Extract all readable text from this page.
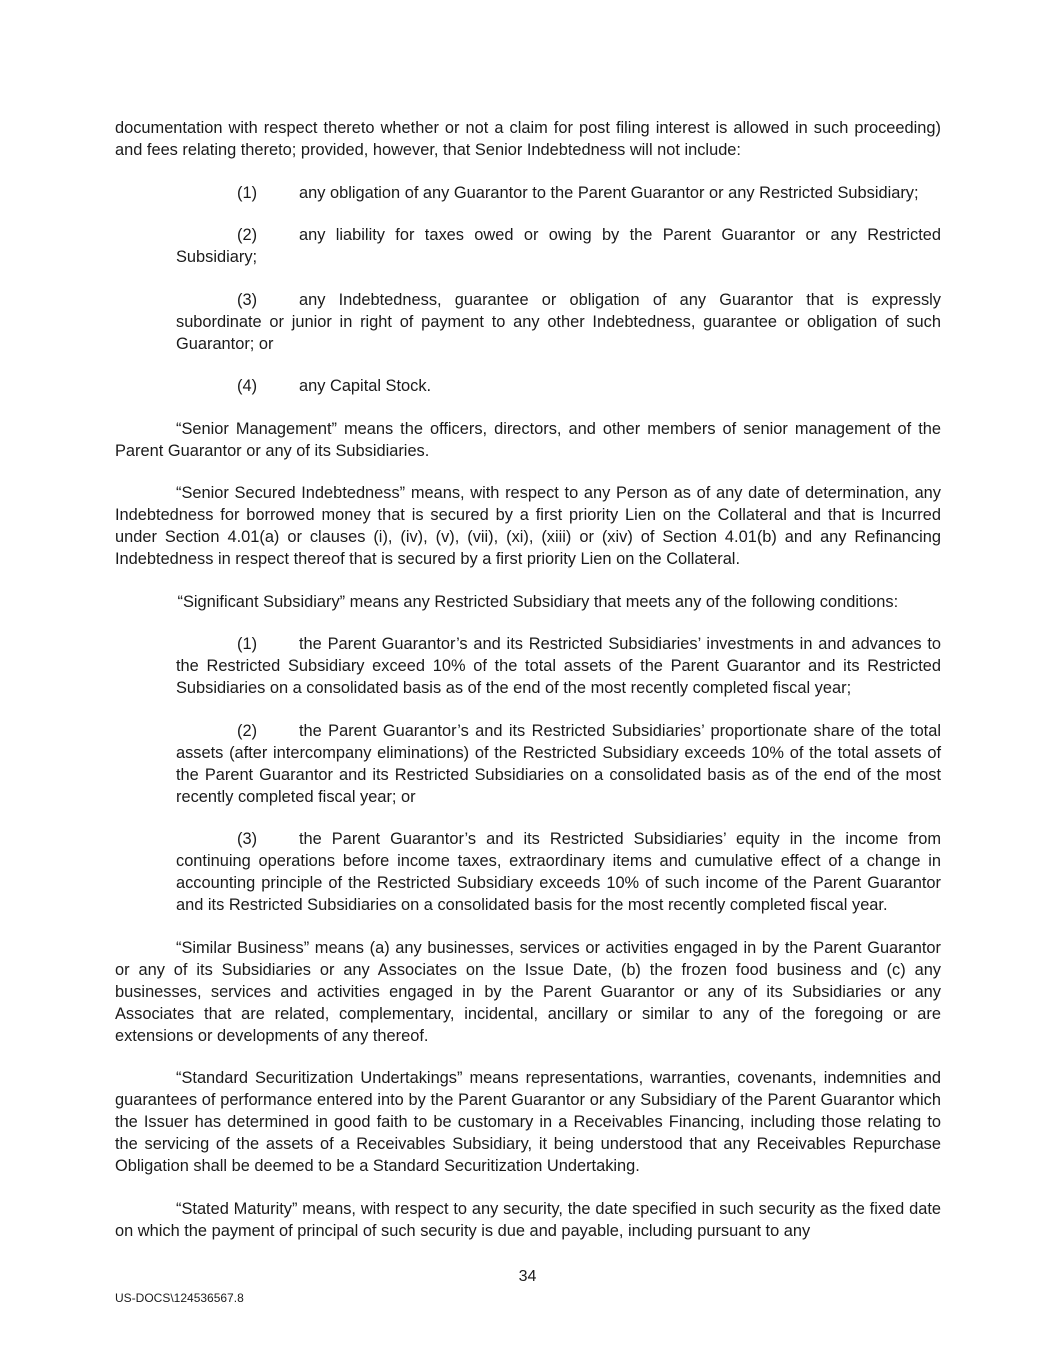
documentation with respect thereto whether or not a claim for post filing interest is allowed in such proceeding) and fees relating thereto; provided, however, that Senior Indebtedness will not include:

(1)	any obligation of any Guarantor to the Parent Guarantor or any Restricted Subsidiary;

(2)	any liability for taxes owed or owing by the Parent Guarantor or any Restricted Subsidiary;

(3)	any Indebtedness, guarantee or obligation of any Guarantor that is expressly subordinate or junior in right of payment to any other Indebtedness, guarantee or obligation of such Guarantor; or

(4)	any Capital Stock.

“Senior Management” means the officers, directors, and other members of senior management of the Parent Guarantor or any of its Subsidiaries.

“Senior Secured Indebtedness” means, with respect to any Person as of any date of determination, any Indebtedness for borrowed money that is secured by a first priority Lien on the Collateral and that is Incurred under Section 4.01(a) or clauses (i), (iv), (v), (vii), (xi), (xiii) or (xiv) of Section 4.01(b) and any Refinancing Indebtedness in respect thereof that is secured by a first priority Lien on the Collateral.

“Significant Subsidiary” means any Restricted Subsidiary that meets any of the following conditions:

(1)	the Parent Guarantor’s and its Restricted Subsidiaries’ investments in and advances to the Restricted Subsidiary exceed 10% of the total assets of the Parent Guarantor and its Restricted Subsidiaries on a consolidated basis as of the end of the most recently completed fiscal year;

(2)	the Parent Guarantor’s and its Restricted Subsidiaries’ proportionate share of the total assets (after intercompany eliminations) of the Restricted Subsidiary exceeds 10% of the total assets of the Parent Guarantor and its Restricted Subsidiaries on a consolidated basis as of the end of the most recently completed fiscal year; or

(3)	the Parent Guarantor’s and its Restricted Subsidiaries’ equity in the income from continuing operations before income taxes, extraordinary items and cumulative effect of a change in accounting principle of the Restricted Subsidiary exceeds 10% of such income of the Parent Guarantor and its Restricted Subsidiaries on a consolidated basis for the most recently completed fiscal year.

“Similar Business” means (a) any businesses, services or activities engaged in by the Parent Guarantor or any of its Subsidiaries or any Associates on the Issue Date, (b) the frozen food business and (c) any businesses, services and activities engaged in by the Parent Guarantor or any of its Subsidiaries or any Associates that are related, complementary, incidental, ancillary or similar to any of the foregoing or are extensions or developments of any thereof.

“Standard Securitization Undertakings” means representations, warranties, covenants, indemnities and guarantees of performance entered into by the Parent Guarantor or any Subsidiary of the Parent Guarantor which the Issuer has determined in good faith to be customary in a Receivables Financing, including those relating to the servicing of the assets of a Receivables Subsidiary, it being understood that any Receivables Repurchase Obligation shall be deemed to be a Standard Securitization Undertaking.

“Stated Maturity” means, with respect to any security, the date specified in such security as the fixed date on which the payment of principal of such security is due and payable, including pursuant to any

34
US-DOCS\124536567.8
